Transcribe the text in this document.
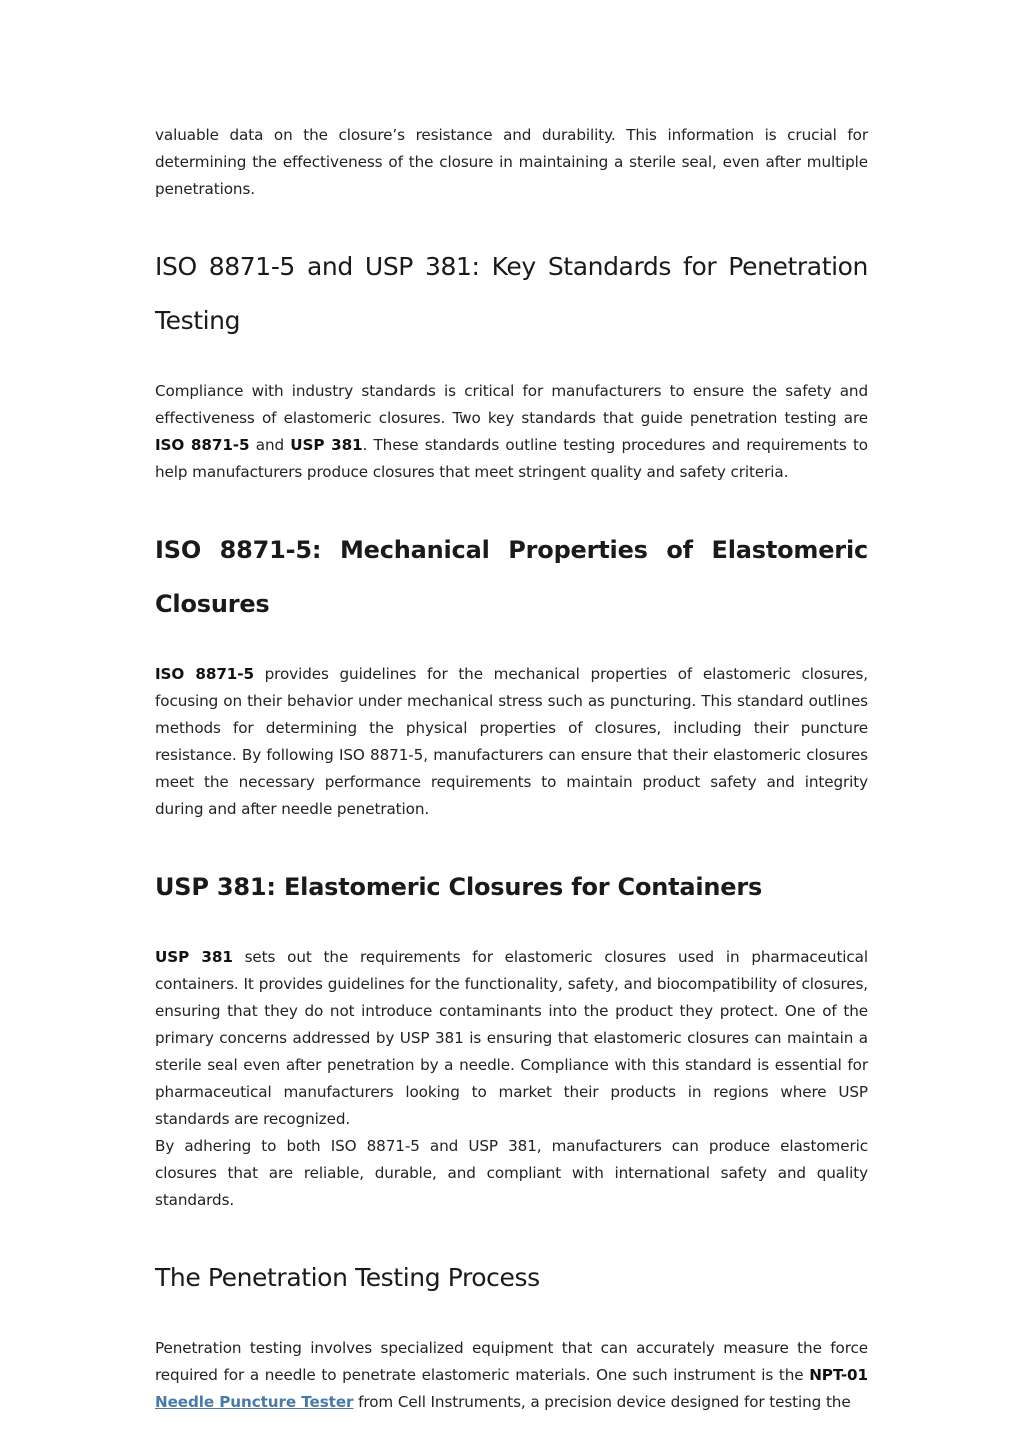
valuable data on the closure’s resistance and durability. This information is crucial for determining the effectiveness of the closure in maintaining a sterile seal, even after multiple penetrations.

ISO 8871-5 and USP 381: Key Standards for Penetration Testing

Compliance with industry standards is critical for manufacturers to ensure the safety and effectiveness of elastomeric closures. Two key standards that guide penetration testing are ISO 8871-5 and USP 381. These standards outline testing procedures and requirements to help manufacturers produce closures that meet stringent quality and safety criteria.

ISO 8871-5: Mechanical Properties of Elastomeric Closures

ISO 8871-5 provides guidelines for the mechanical properties of elastomeric closures, focusing on their behavior under mechanical stress such as puncturing. This standard outlines methods for determining the physical properties of closures, including their puncture resistance. By following ISO 8871-5, manufacturers can ensure that their elastomeric closures meet the necessary performance requirements to maintain product safety and integrity during and after needle penetration.

USP 381: Elastomeric Closures for Containers

USP 381 sets out the requirements for elastomeric closures used in pharmaceutical containers. It provides guidelines for the functionality, safety, and biocompatibility of closures, ensuring that they do not introduce contaminants into the product they protect. One of the primary concerns addressed by USP 381 is ensuring that elastomeric closures can maintain a sterile seal even after penetration by a needle. Compliance with this standard is essential for pharmaceutical manufacturers looking to market their products in regions where USP standards are recognized.

By adhering to both ISO 8871-5 and USP 381, manufacturers can produce elastomeric closures that are reliable, durable, and compliant with international safety and quality standards.

The Penetration Testing Process

Penetration testing involves specialized equipment that can accurately measure the force required for a needle to penetrate elastomeric materials. One such instrument is the NPT-01 Needle Puncture Tester from Cell Instruments, a precision device designed for testing the
